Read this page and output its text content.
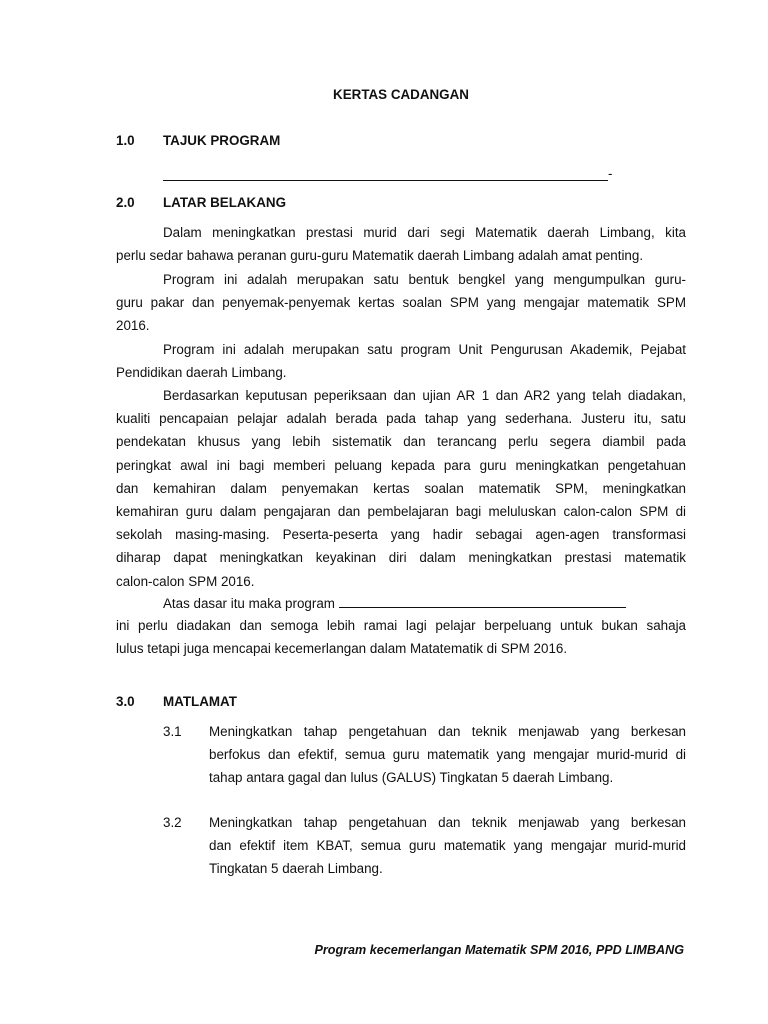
KERTAS CADANGAN
1.0 TAJUK PROGRAM
-
2.0 LATAR BELAKANG
Dalam meningkatkan prestasi murid dari segi Matematik daerah Limbang, kita
perlu sedar bahawa peranan guru-guru Matematik daerah Limbang adalah amat penting.
Program ini adalah merupakan satu bentuk bengkel yang mengumpulkan guru-
guru pakar dan penyemak-penyemak kertas soalan SPM yang mengajar matematik SPM
2016.
Program ini adalah merupakan satu program Unit Pengurusan Akademik, Pejabat
Pendidikan daerah Limbang.
Berdasarkan keputusan peperiksaan dan ujian AR 1 dan AR2 yang telah diadakan,
kualiti pencapaian pelajar adalah berada pada tahap yang sederhana. Justeru itu, satu
pendekatan khusus yang lebih sistematik dan terancang perlu segera diambil pada
peringkat awal ini bagi memberi peluang kepada para guru meningkatkan pengetahuan
dan kemahiran dalam penyemakan kertas soalan matematik SPM, meningkatkan
kemahiran guru dalam pengajaran dan pembelajaran bagi meluluskan calon-calon SPM di
sekolah masing-masing. Peserta-peserta yang hadir sebagai agen-agen transformasi
diharap dapat meningkatkan keyakinan diri dalam meningkatkan prestasi matematik
calon-calon SPM 2016.
Atas dasar itu maka program
ini perlu diadakan dan semoga lebih ramai lagi pelajar berpeluang untuk bukan sahaja
lulus tetapi juga mencapai kecemerlangan dalam Matatematik di SPM 2016.
3.0 MATLAMAT
3.1 Meningkatkan tahap pengetahuan dan teknik menjawab yang berkesan
berfokus dan efektif, semua guru matematik yang mengajar murid-murid di
tahap antara gagal dan lulus (GALUS) Tingkatan 5 daerah Limbang.
3.2 Meningkatkan tahap pengetahuan dan teknik menjawab yang berkesan
dan efektif item KBAT, semua guru matematik yang mengajar murid-murid
Tingkatan 5 daerah Limbang.
Program kecemerlangan Matematik SPM 2016, PPD LIMBANG
